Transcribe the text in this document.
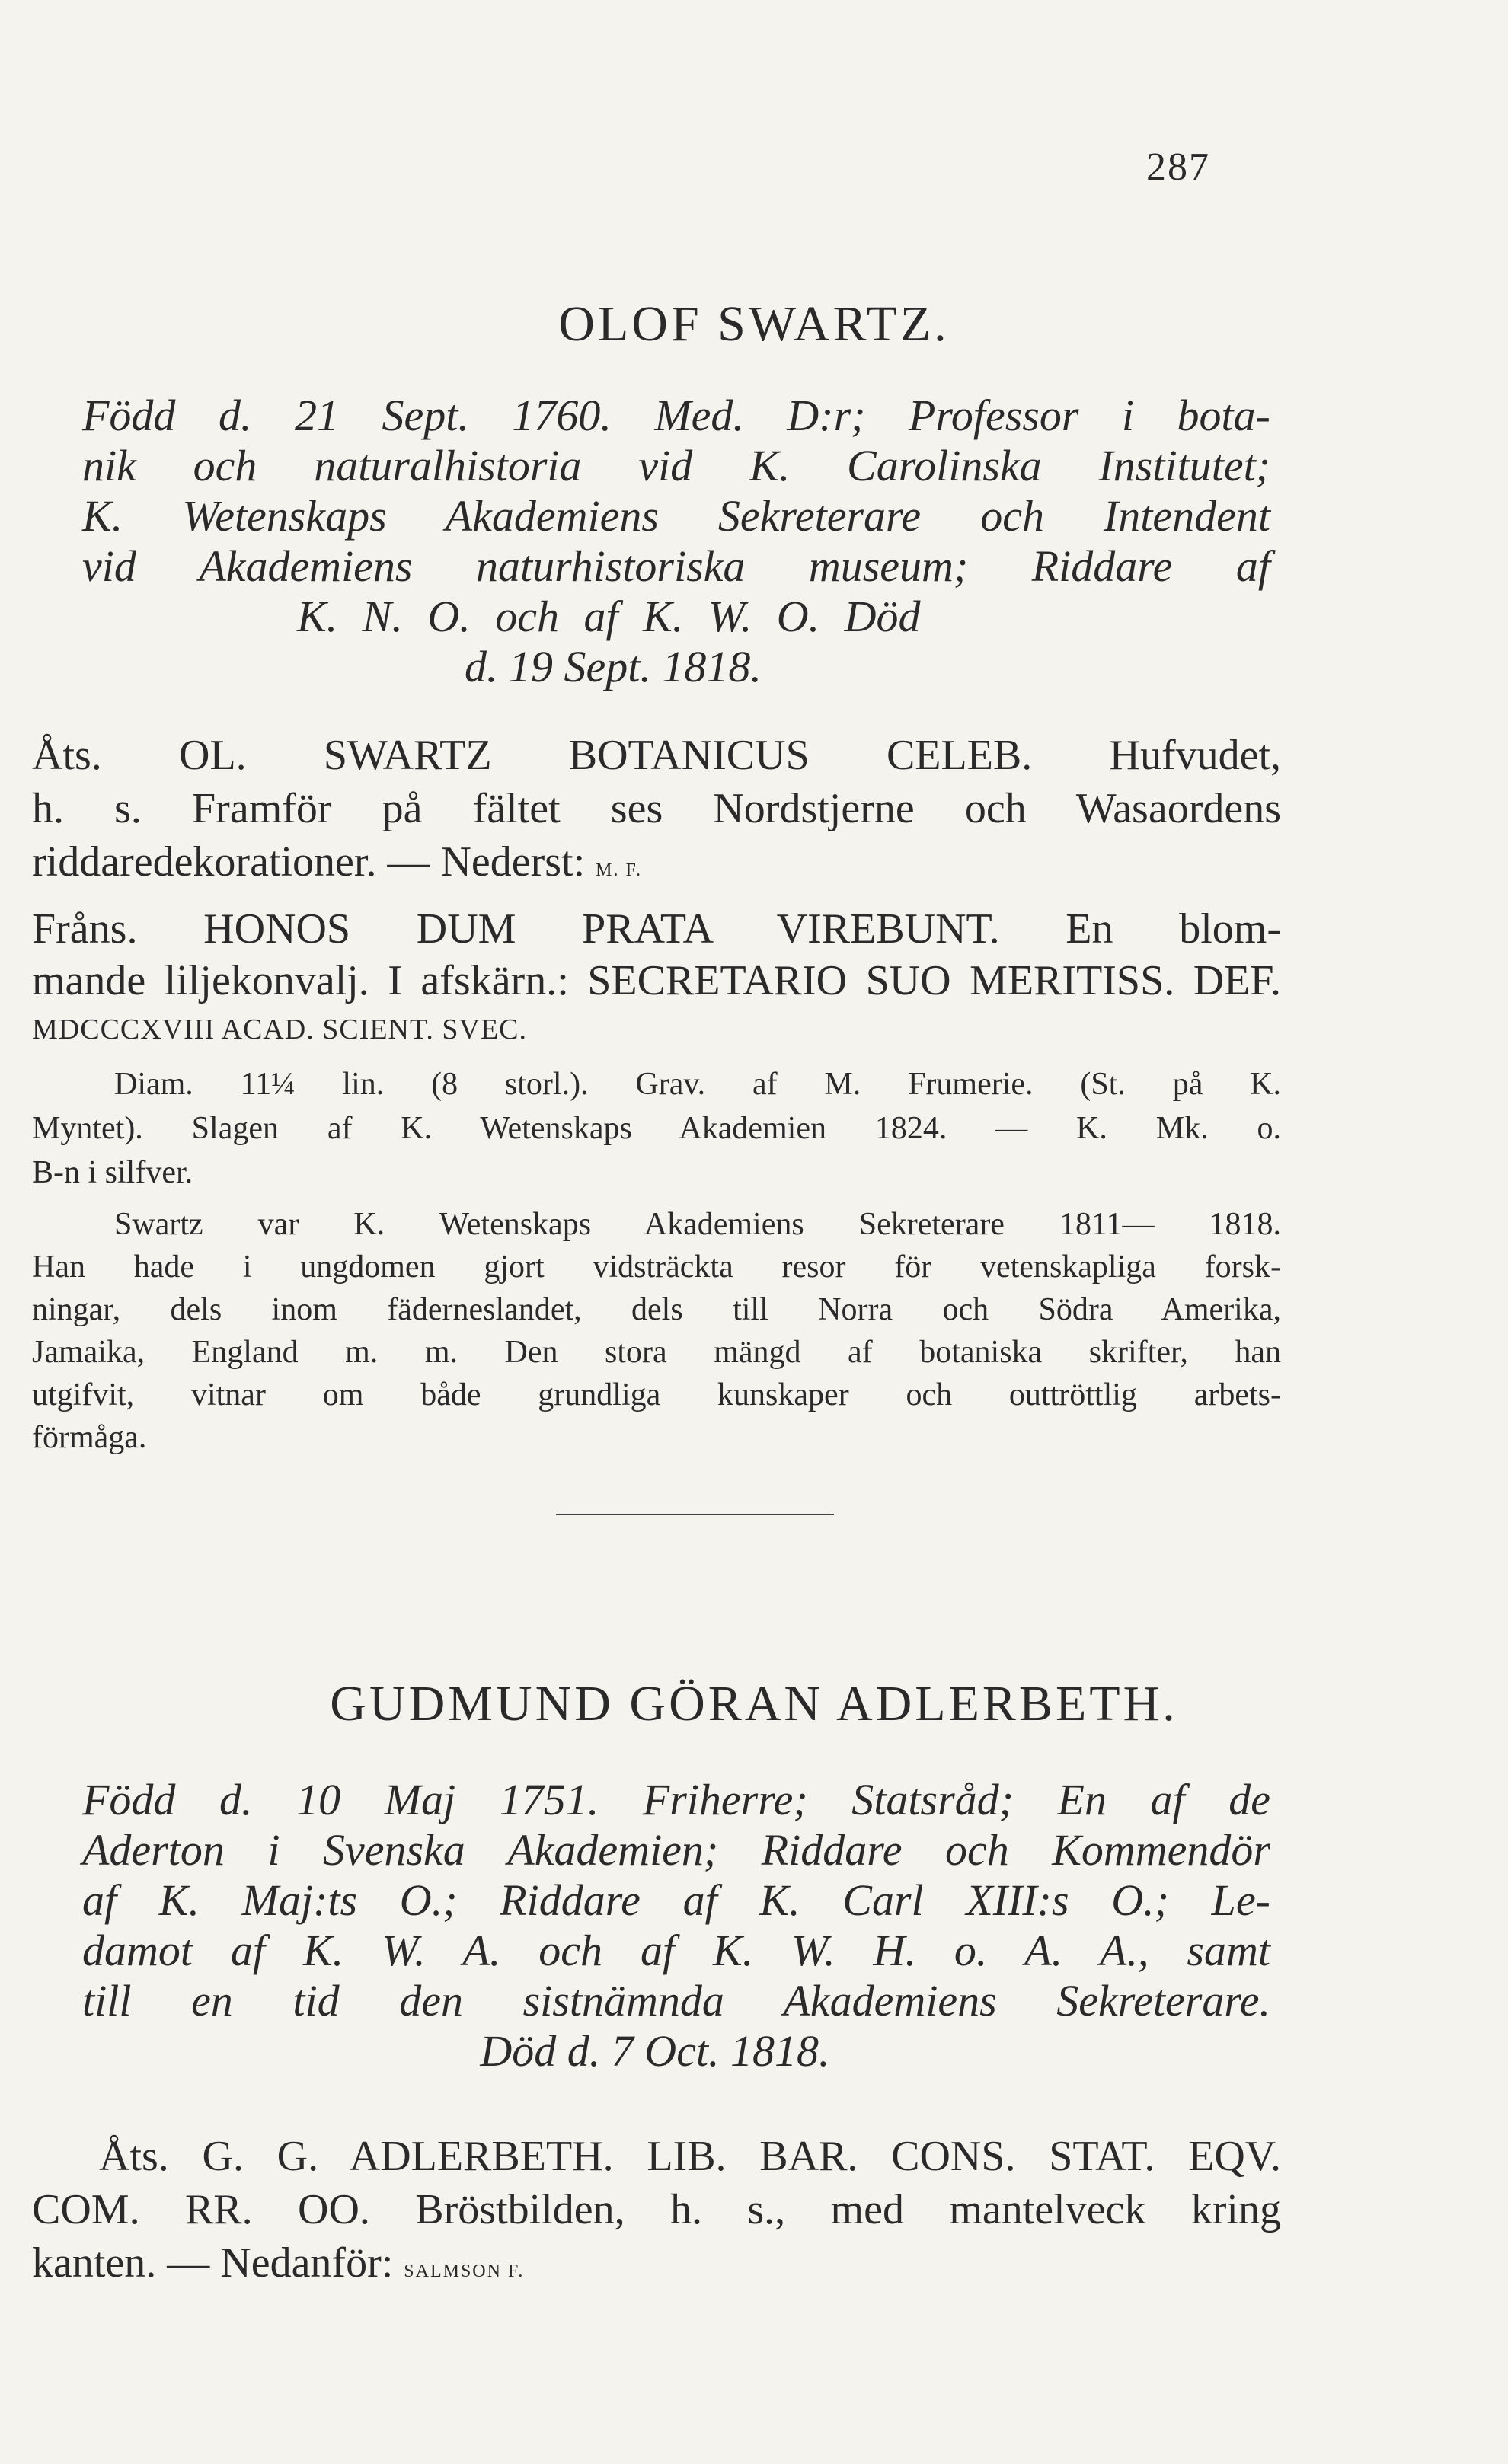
287
OLOF SWARTZ.
Född d. 21 Sept. 1760. Med. D:r; Professor i bota-
nik och naturalhistoria vid K. Carolinska Institutet;
K. Wetenskaps Akademiens Sekreterare och Intendent
vid Akademiens naturhistoriska museum; Riddare af
K. N. O. och af K. W. O. Död
d. 19 Sept. 1818.
Åts. OL. SWARTZ BOTANICUS CELEB. Hufvudet,
h. s. Framför på fältet ses Nordstjerne och Wasaordens
riddaredekorationer. — Nederst: M. F.
Fråns. HONOS DUM PRATA VIREBUNT. En blom-
mande liljekonvalj. I afskärn.: SECRETARIO SUO MERITISS. DEF.
MDCCCXVIII ACAD. SCIENT. SVEC.
Diam. 11¼ lin. (8 storl.). Grav. af M. Frumerie. (St. på K.
Myntet). Slagen af K. Wetenskaps Akademien 1824. — K. Mk. o.
B-n i silfver.
Swartz var K. Wetenskaps Akademiens Sekreterare 1811— 1818.
Han hade i ungdomen gjort vidsträckta resor för vetenskapliga forsk-
ningar, dels inom fäderneslandet, dels till Norra och Södra Amerika,
Jamaika, England m. m. Den stora mängd af botaniska skrifter, han
utgifvit, vitnar om både grundliga kunskaper och outtröttlig arbets-
förmåga.
GUDMUND GÖRAN ADLERBETH.
Född d. 10 Maj 1751. Friherre; Statsråd; En af de
Aderton i Svenska Akademien; Riddare och Kommendör
af K. Maj:ts O.; Riddare af K. Carl XIII:s O.; Le-
damot af K. W. A. och af K. W. H. o. A. A., samt
till en tid den sistnämnda Akademiens Sekreterare.
Död d. 7 Oct. 1818.
Åts. G. G. ADLERBETH. LIB. BAR. CONS. STAT. EQV.
COM. RR. OO. Bröstbilden, h. s., med mantelveck kring
kanten. — Nedanför: SALMSON F.
